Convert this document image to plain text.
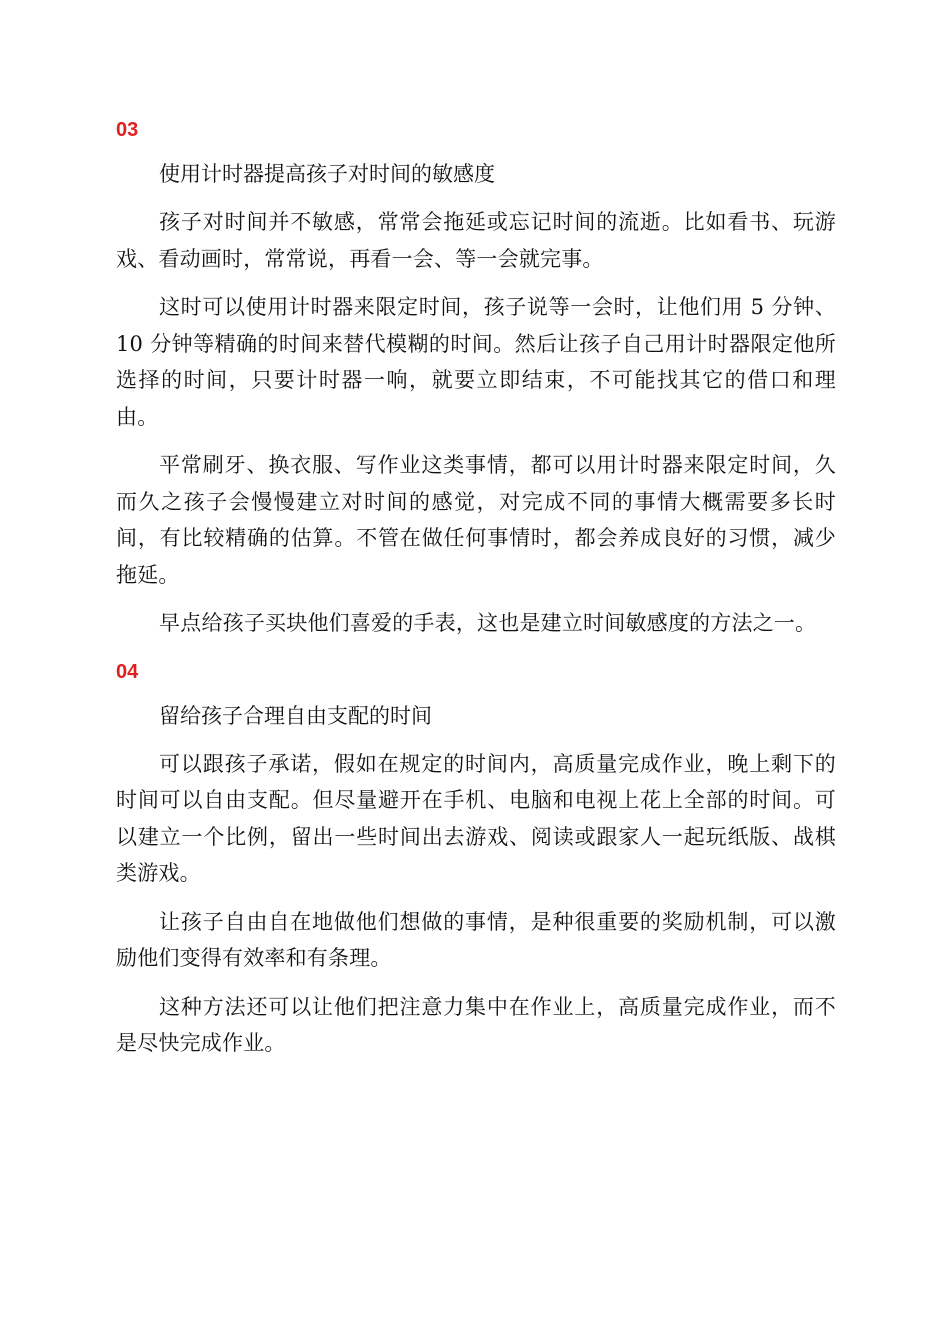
03
使用计时器提高孩子对时间的敏感度

孩子对时间并不敏感，常常会拖延或忘记时间的流逝。比如看书、玩游戏、看动画时，常常说，再看一会、等一会就完事。

这时可以使用计时器来限定时间，孩子说等一会时，让他们用 5 分钟、10 分钟等精确的时间来替代模糊的时间。然后让孩子自己用计时器限定他所选择的时间，只要计时器一响，就要立即结束，不可能找其它的借口和理由。

平常刷牙、换衣服、写作业这类事情，都可以用计时器来限定时间，久而久之孩子会慢慢建立对时间的感觉，对完成不同的事情大概需要多长时间，有比较精确的估算。不管在做任何事情时，都会养成良好的习惯，减少拖延。

早点给孩子买块他们喜爱的手表，这也是建立时间敏感度的方法之一。

04
留给孩子合理自由支配的时间

可以跟孩子承诺，假如在规定的时间内，高质量完成作业，晚上剩下的时间可以自由支配。但尽量避开在手机、电脑和电视上花上全部的时间。可以建立一个比例，留出一些时间出去游戏、阅读或跟家人一起玩纸版、战棋类游戏。

让孩子自由自在地做他们想做的事情，是种很重要的奖励机制，可以激励他们变得有效率和有条理。

这种方法还可以让他们把注意力集中在作业上，高质量完成作业，而不是尽快完成作业。
